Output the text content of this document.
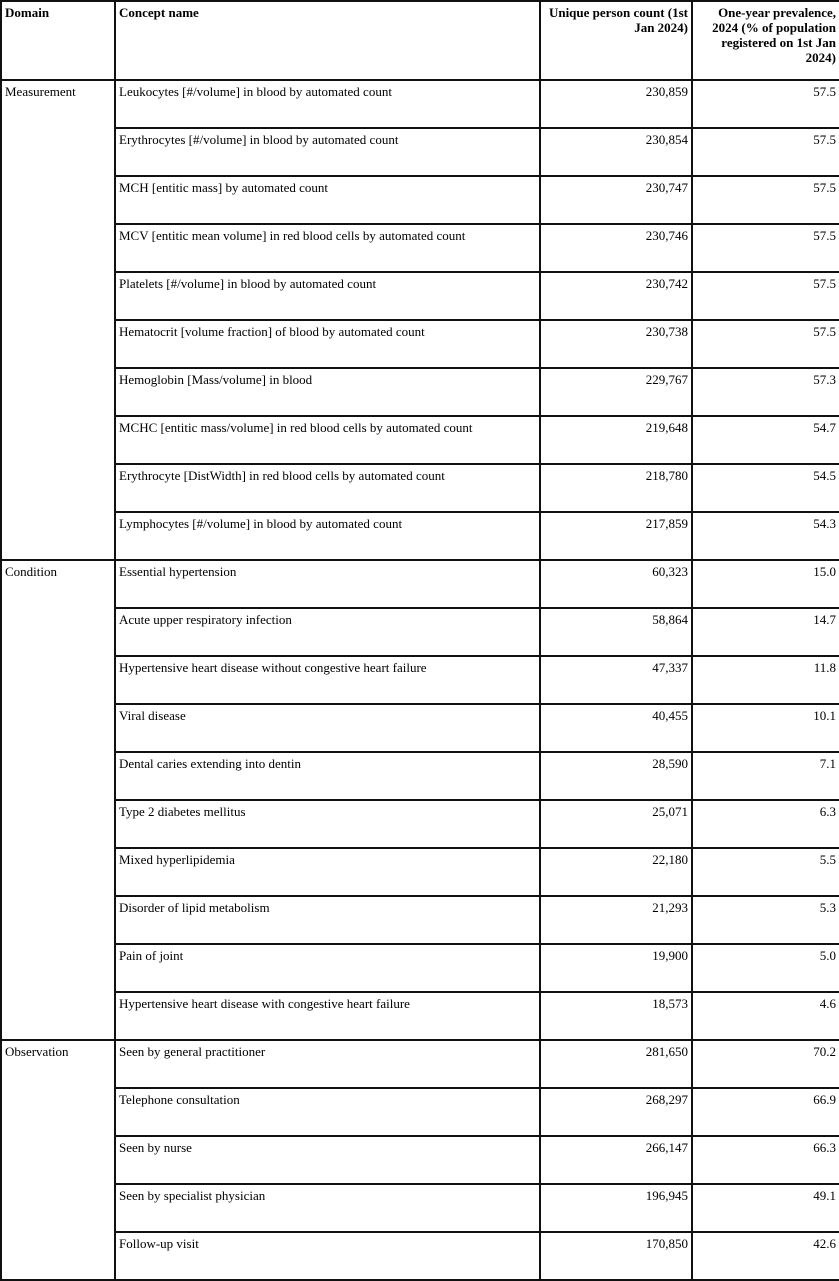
Domain	Concept name	Unique person count (1st Jan 2024)	One-year prevalence, 2024 (% of population registered on 1st Jan 2024)
Measurement	Leukocytes [#/volume] in blood by automated count	230,859	57.5
	Erythrocytes [#/volume] in blood by automated count	230,854	57.5
	MCH [entitic mass] by automated count	230,747	57.5
	MCV [entitic mean volume] in red blood cells by automated count	230,746	57.5
	Platelets [#/volume] in blood by automated count	230,742	57.5
	Hematocrit [volume fraction] of blood by automated count	230,738	57.5
	Hemoglobin [Mass/volume] in blood	229,767	57.3
	MCHC [entitic mass/volume] in red blood cells by automated count	219,648	54.7
	Erythrocyte [DistWidth] in red blood cells by automated count	218,780	54.5
	Lymphocytes [#/volume] in blood by automated count	217,859	54.3
Condition	Essential hypertension	60,323	15.0
	Acute upper respiratory infection	58,864	14.7
	Hypertensive heart disease without congestive heart failure	47,337	11.8
	Viral disease	40,455	10.1
	Dental caries extending into dentin	28,590	7.1
	Type 2 diabetes mellitus	25,071	6.3
	Mixed hyperlipidemia	22,180	5.5
	Disorder of lipid metabolism	21,293	5.3
	Pain of joint	19,900	5.0
	Hypertensive heart disease with congestive heart failure	18,573	4.6
Observation	Seen by general practitioner	281,650	70.2
	Telephone consultation	268,297	66.9
	Seen by nurse	266,147	66.3
	Seen by specialist physician	196,945	49.1
	Follow-up visit	170,850	42.6
